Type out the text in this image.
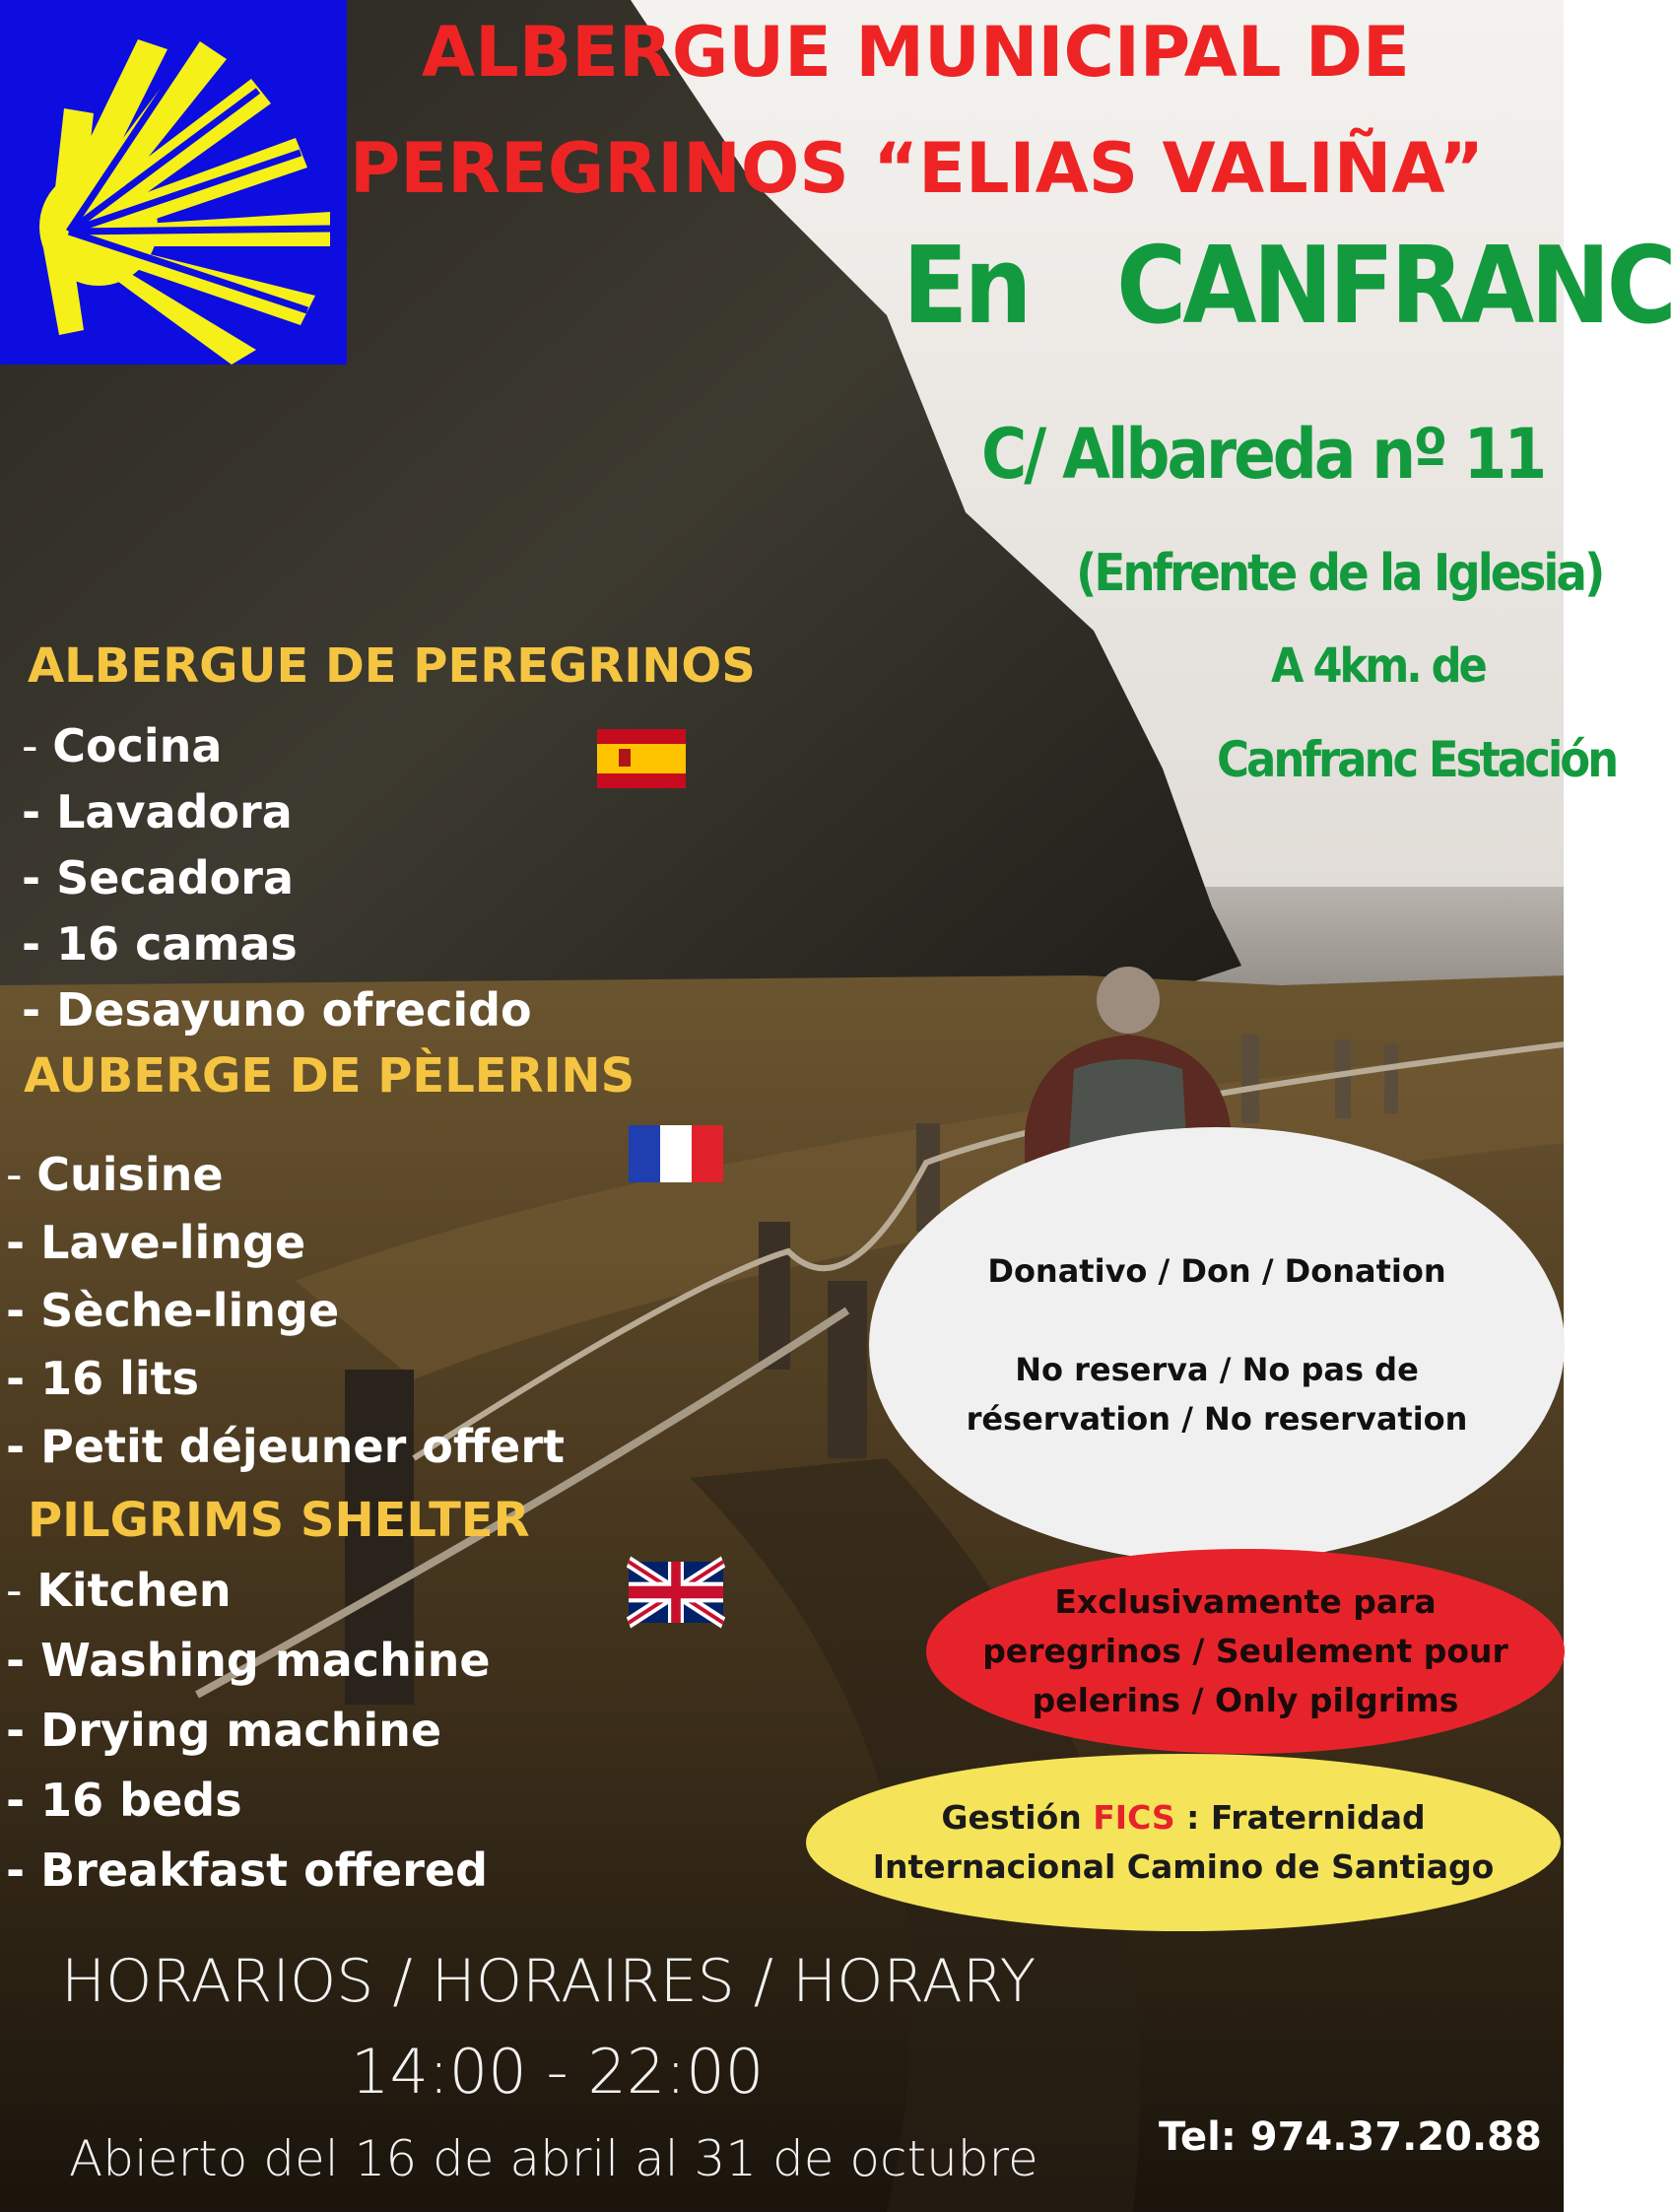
ALBERGUE MUNICIPAL DE
PEREGRINOS “ELIAS VALIÑA”
En   CANFRANC
C/ Albareda nº 11
(Enfrente de la Iglesia)
A 4km. de
Canfranc Estación
ALBERGUE DE PEREGRINOS
- Cocina
- Lavadora
- Secadora
- 16 camas
- Desayuno ofrecido
AUBERGE DE PÈLERINS
- Cuisine
- Lave-linge
- Sèche-linge
- 16 lits
- Petit déjeuner offert
PILGRIMS SHELTER
- Kitchen
- Washing machine
- Drying machine
- 16 beds
- Breakfast offered
Donativo / Don / Donation
No reserva / No pas de
réservation / No reservation
Exclusivamente para
peregrinos / Seulement pour
pelerins / Only pilgrims
Gestión FICS : Fraternidad
Internacional Camino de Santiago
HORARIOS / HORAIRES / HORARY
14:00 - 22:00
Abierto del 16 de abril al 31 de octubre	Tel: 974.37.20.88
